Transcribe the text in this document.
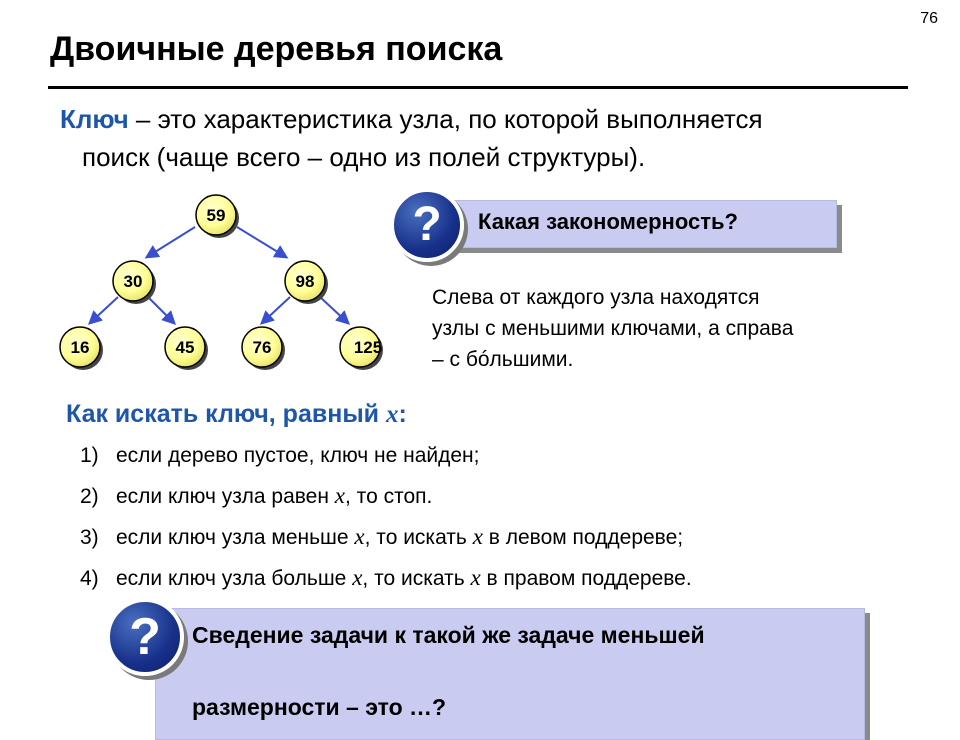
76
Двоичные деревья поиска
Ключ – это характеристика узла, по которой выполняется
поиск (чаще всего – одно из полей структуры).
59
30	98
16	45	76	125
Какая закономерность?
?
Слева от каждого узла находятся
узлы с меньшими ключами, а справа
– с бóльшими.
Как искать ключ, равный x:
1) если дерево пустое, ключ не найден;
2) если ключ узла равен x, то стоп.
3) если ключ узла меньше x, то искать x в левом поддереве;
4) если ключ узла больше x, то искать x в правом поддереве.
Сведение задачи к такой же задаче меньшей
размерности – это …?
?
